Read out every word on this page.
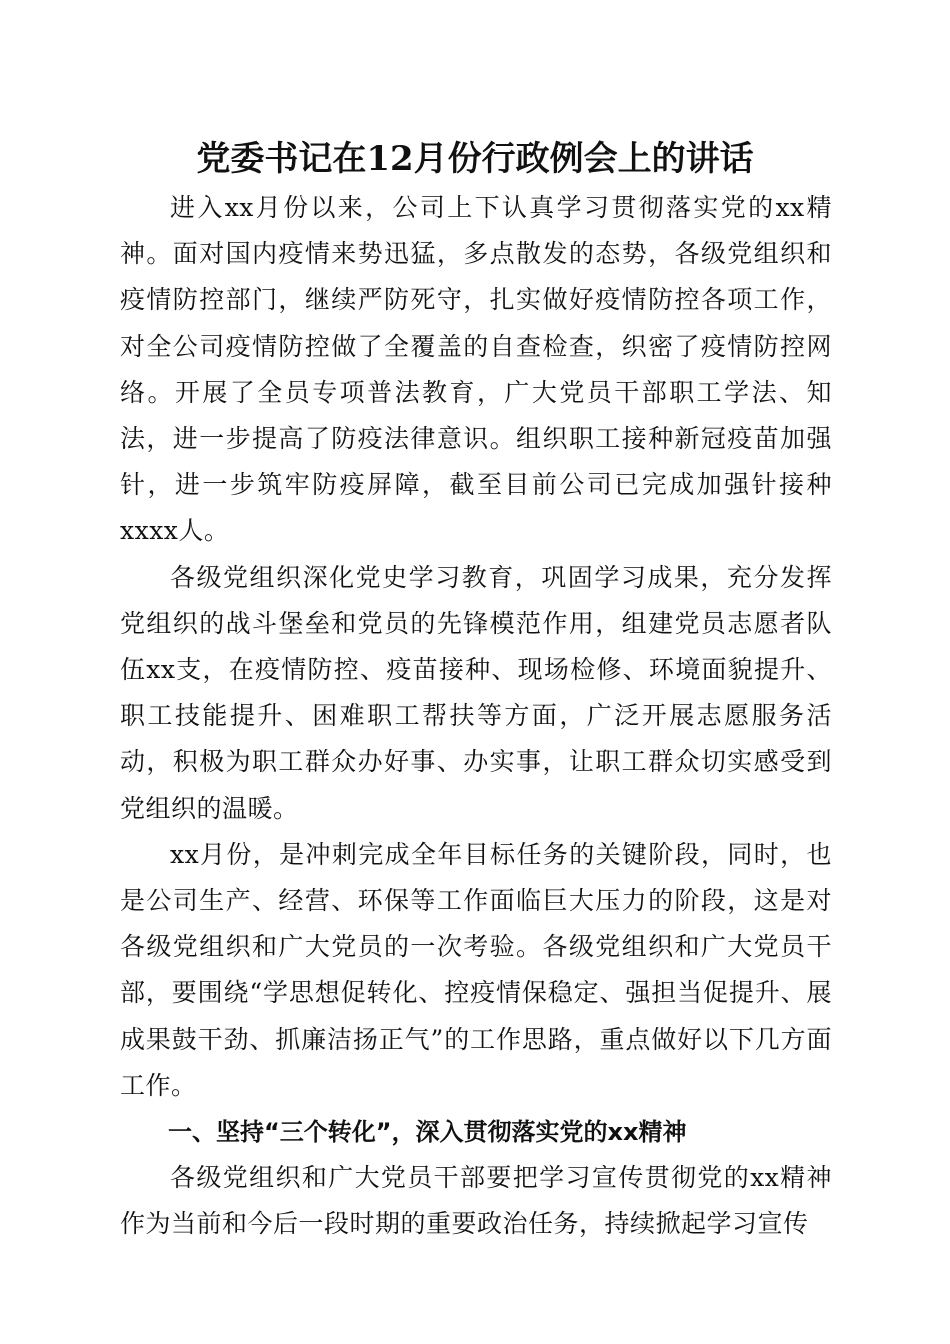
党委书记在12月份行政例会上的讲话

进入xx月份以来，公司上下认真学习贯彻落实党的xx精神。面对国内疫情来势迅猛，多点散发的态势，各级党组织和疫情防控部门，继续严防死守，扎实做好疫情防控各项工作，对全公司疫情防控做了全覆盖的自查检查，织密了疫情防控网络。开展了全员专项普法教育，广大党员干部职工学法、知法，进一步提高了防疫法律意识。组织职工接种新冠疫苗加强针，进一步筑牢防疫屏障，截至目前公司已完成加强针接种xxxx人。

各级党组织深化党史学习教育，巩固学习成果，充分发挥党组织的战斗堡垒和党员的先锋模范作用，组建党员志愿者队伍xx支，在疫情防控、疫苗接种、现场检修、环境面貌提升、职工技能提升、困难职工帮扶等方面，广泛开展志愿服务活动，积极为职工群众办好事、办实事，让职工群众切实感受到党组织的温暖。

xx月份，是冲刺完成全年目标任务的关键阶段，同时，也是公司生产、经营、环保等工作面临巨大压力的阶段，这是对各级党组织和广大党员的一次考验。各级党组织和广大党员干部，要围绕“学思想促转化、控疫情保稳定、强担当促提升、展成果鼓干劲、抓廉洁扬正气”的工作思路，重点做好以下几方面工作。

一、坚持“三个转化”，深入贯彻落实党的xx精神

各级党组织和广大党员干部要把学习宣传贯彻党的xx精神作为当前和今后一段时期的重要政治任务，持续掀起学习宣传
